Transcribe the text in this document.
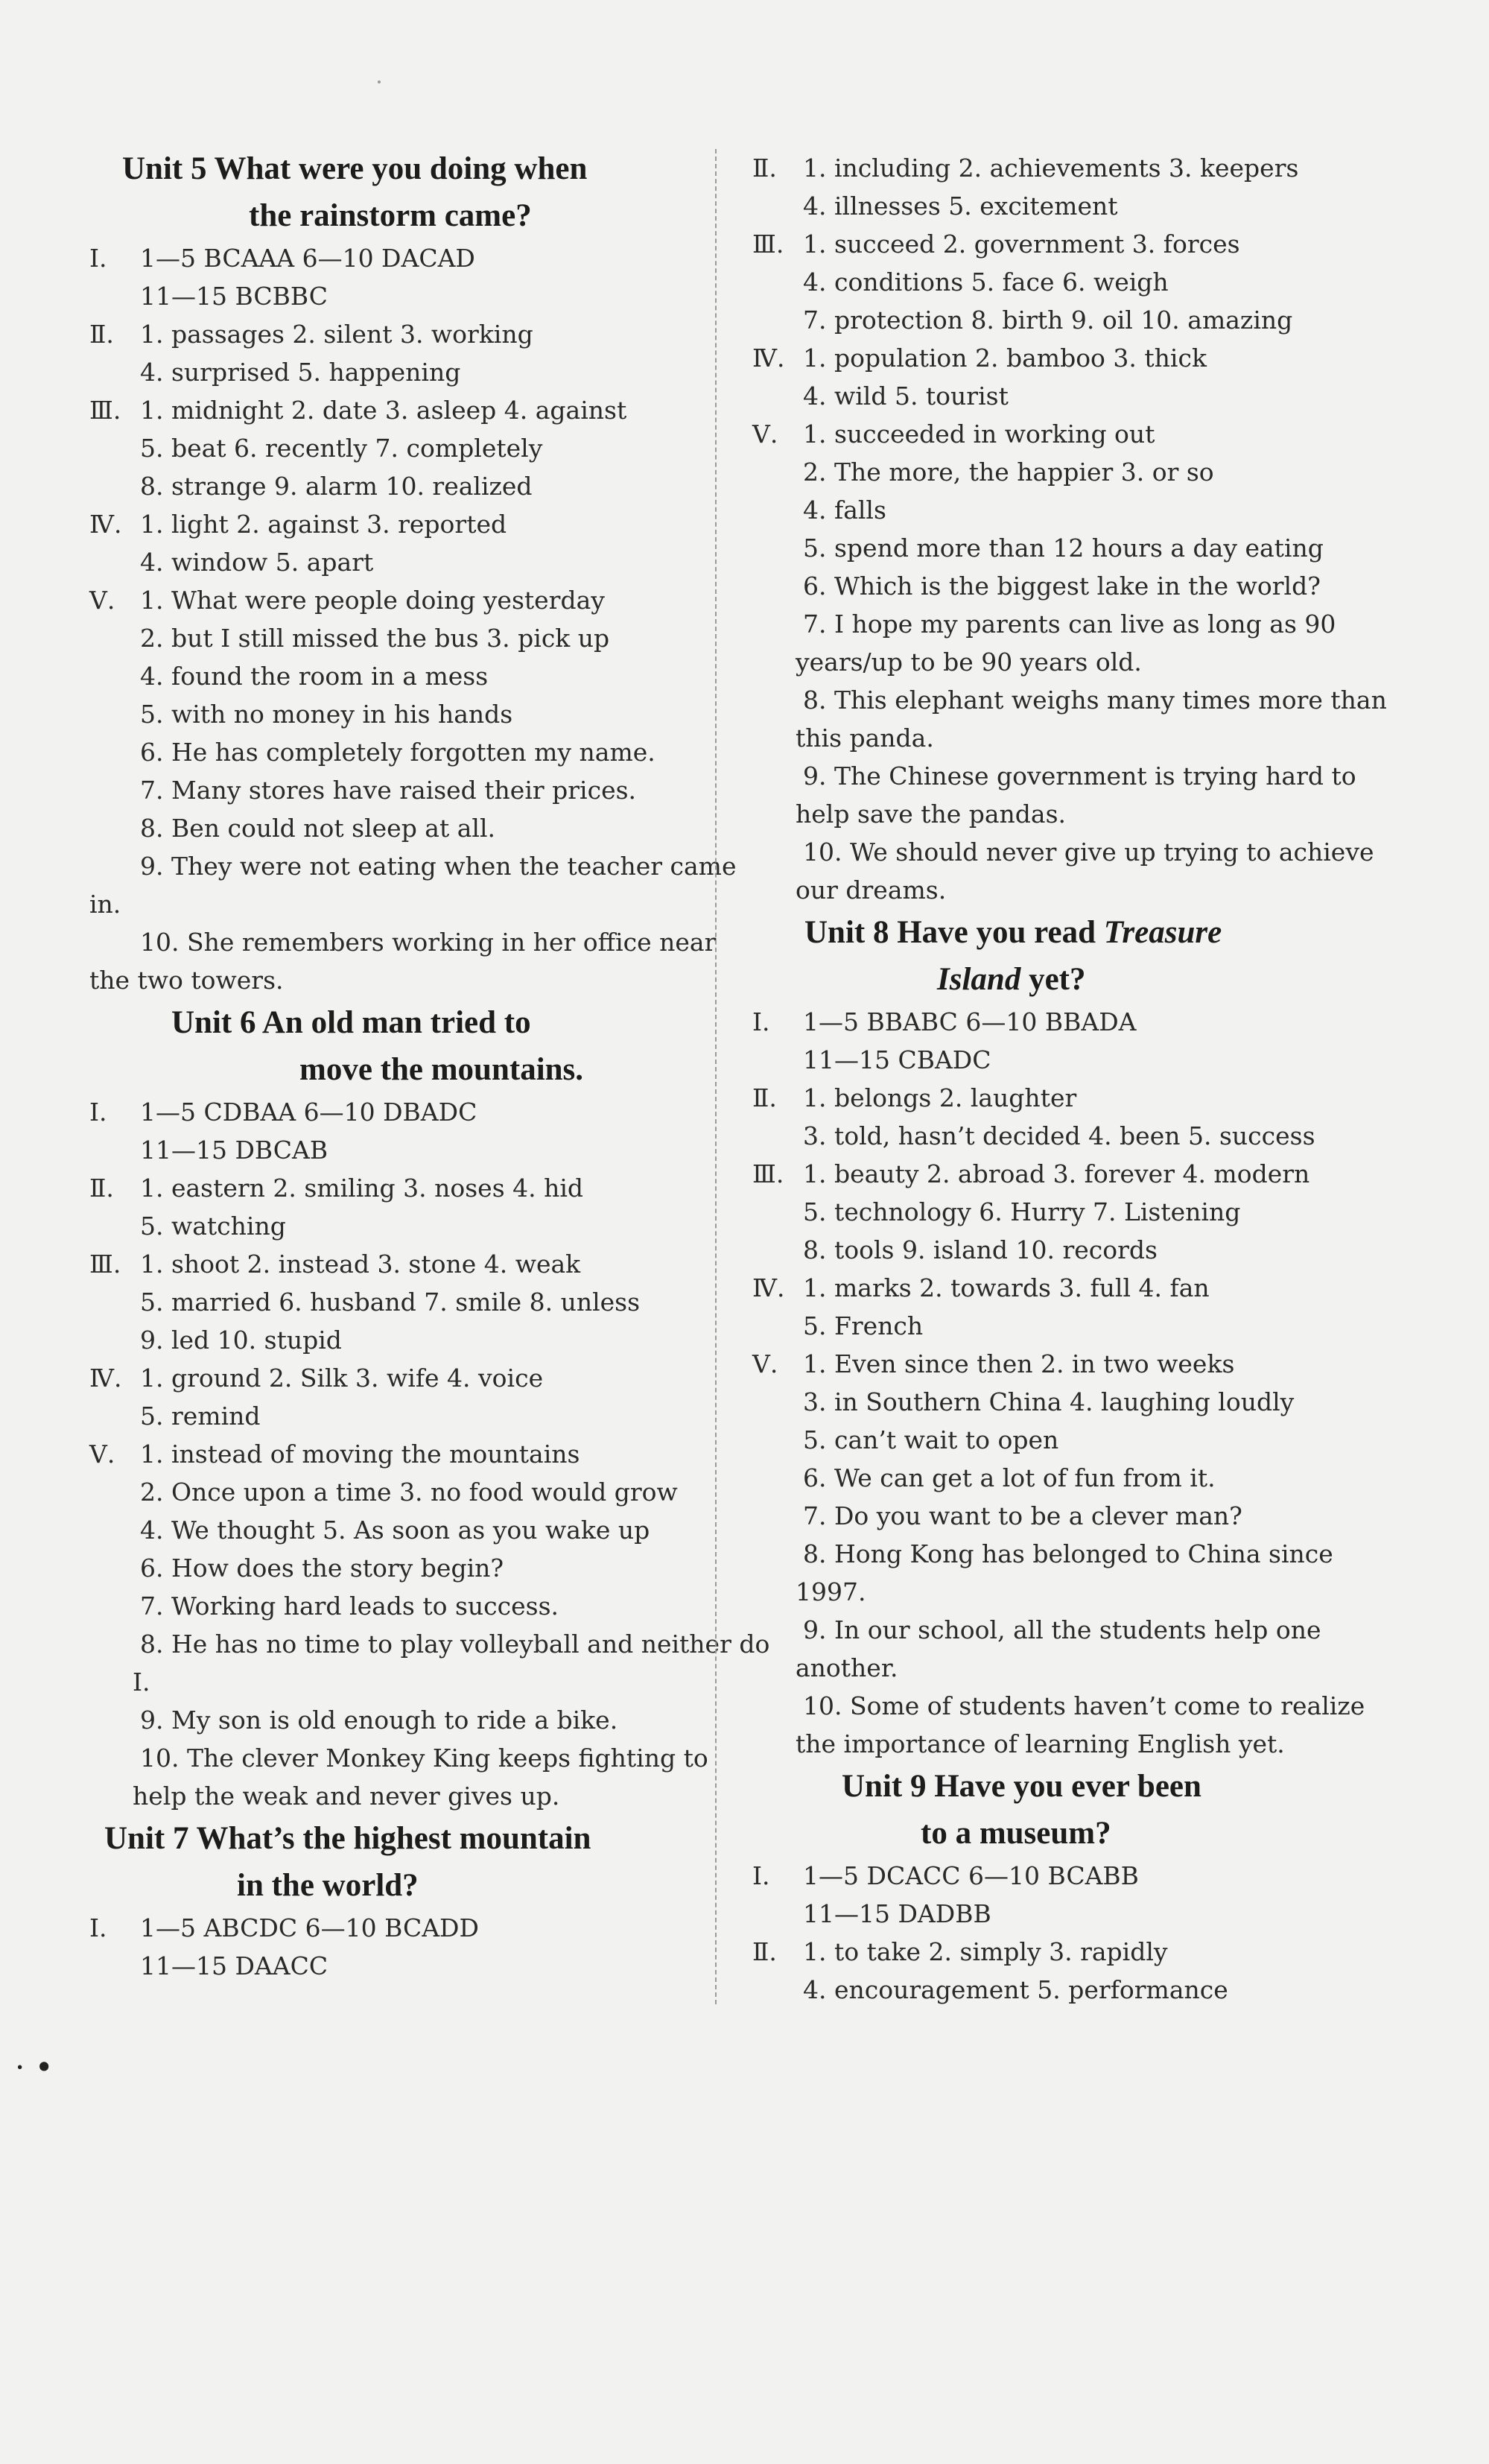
Unit 5 What were you doing when
the rainstorm came?
Ⅰ.	1—5 BCAAA 6—10 DACAD
11—15 BCBBC
Ⅱ.	1. passages 2. silent 3. working
4. surprised 5. happening
Ⅲ. 1. midnight 2. date 3. asleep 4. against
5. beat 6. recently 7. completely
8. strange 9. alarm 10. realized
Ⅳ. 1. light 2. against 3. reported
4. window 5. apart
Ⅴ.	1. What were people doing yesterday
2. but I still missed the bus 3. pick up
4. found the room in a mess
5. with no money in his hands
6. He has completely forgotten my name.
7. Many stores have raised their prices.
8. Ben could not sleep at all.
9. They were not eating when the teacher came
in.
10. She remembers working in her office near
the two towers.
Unit 6 An old man tried to
move the mountains.
Ⅰ.	1—5 CDBAA 6—10 DBADC
11—15 DBCAB
Ⅱ.	1. eastern 2. smiling 3. noses 4. hid
5. watching
Ⅲ. 1. shoot 2. instead 3. stone 4. weak
5. married 6. husband 7. smile 8. unless
9. led 10. stupid
Ⅳ. 1. ground 2. Silk 3. wife 4. voice
5. remind
Ⅴ.	1. instead of moving the mountains
2. Once upon a time 3. no food would grow
4. We thought 5. As soon as you wake up
6. How does the story begin?
7. Working hard leads to success.
8. He has no time to play volleyball and neither do
I.
9. My son is old enough to ride a bike.
10. The clever Monkey King keeps fighting to
help the weak and never gives up.
Unit 7 What’s the highest mountain
in the world?
Ⅰ.	1—5 ABCDC 6—10 BCADD
11—15 DAACC
Ⅱ.	1. including 2. achievements 3. keepers
4. illnesses 5. excitement
Ⅲ. 1. succeed 2. government 3. forces
4. conditions 5. face 6. weigh
7. protection 8. birth 9. oil 10. amazing
Ⅳ. 1. population 2. bamboo 3. thick
4. wild 5. tourist
Ⅴ.	1. succeeded in working out
2. The more, the happier 3. or so
4. falls
5. spend more than 12 hours a day eating
6. Which is the biggest lake in the world?
7. I hope my parents can live as long as 90
years/up to be 90 years old.
8. This elephant weighs many times more than
this panda.
9. The Chinese government is trying hard to
help save the pandas.
10. We should never give up trying to achieve
our dreams.
Unit 8 Have you read Treasure
Island yet?
Ⅰ.	1—5 BBABC 6—10 BBADA
11—15 CBADC
Ⅱ.	1. belongs 2. laughter
3. told, hasn’t decided 4. been 5. success
Ⅲ. 1. beauty 2. abroad 3. forever 4. modern
5. technology 6. Hurry 7. Listening
8. tools 9. island 10. records
Ⅳ. 1. marks 2. towards 3. full 4. fan
5. French
Ⅴ.	1. Even since then 2. in two weeks
3. in Southern China 4. laughing loudly
5. can’t wait to open
6. We can get a lot of fun from it.
7. Do you want to be a clever man?
8. Hong Kong has belonged to China since
1997.
9. In our school, all the students help one
another.
10. Some of students haven’t come to realize
the importance of learning English yet.
Unit 9 Have you ever been
to a museum?
Ⅰ.	1—5 DCACC 6—10 BCABB
11—15 DADBB
Ⅱ.	1. to take 2. simply 3. rapidly
4. encouragement 5. performance
· •
